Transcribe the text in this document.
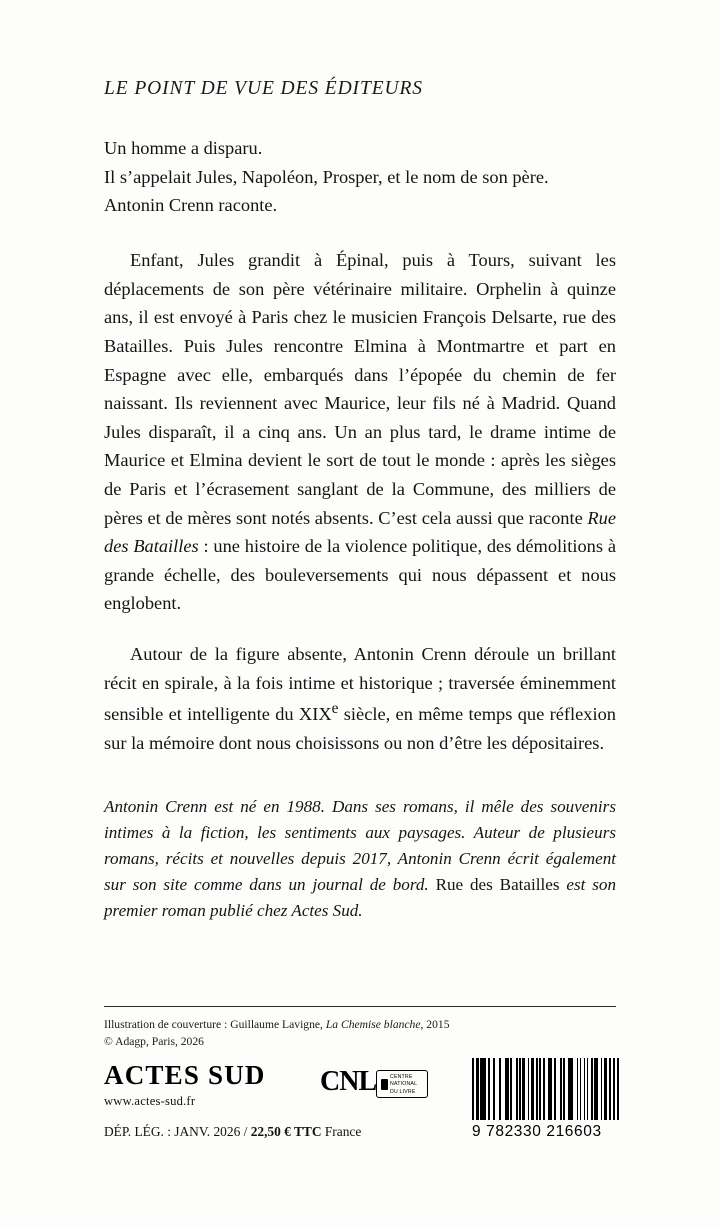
LE POINT DE VUE DES ÉDITEURS
Un homme a disparu.
Il s’appelait Jules, Napoléon, Prosper, et le nom de son père.
Antonin Crenn raconte.

Enfant, Jules grandit à Épinal, puis à Tours, suivant les déplacements de son père vétérinaire militaire. Orphelin à quinze ans, il est envoyé à Paris chez le musicien François Delsarte, rue des Batailles. Puis Jules rencontre Elmina à Montmartre et part en Espagne avec elle, embarqués dans l’épopée du chemin de fer naissant. Ils reviennent avec Maurice, leur fils né à Madrid. Quand Jules disparaît, il a cinq ans. Un an plus tard, le drame intime de Maurice et Elmina devient le sort de tout le monde : après les sièges de Paris et l’écrasement sanglant de la Commune, des milliers de pères et de mères sont notés absents. C’est cela aussi que raconte Rue des Batailles : une histoire de la violence politique, des démolitions à grande échelle, des bouleversements qui nous dépassent et nous englobent.

Autour de la figure absente, Antonin Crenn déroule un brillant récit en spirale, à la fois intime et historique ; traversée éminemment sensible et intelligente du XIXe siècle, en même temps que réflexion sur la mémoire dont nous choisissons ou non d’être les dépositaires.

Antonin Crenn est né en 1988. Dans ses romans, il mêle des souvenirs intimes à la fiction, les sentiments aux paysages. Auteur de plusieurs romans, récits et nouvelles depuis 2017, Antonin Crenn écrit également sur son site comme dans un journal de bord. Rue des Batailles est son premier roman publié chez Actes Sud.
Illustration de couverture : Guillaume Lavigne, La Chemise blanche, 2015
© Adagp, Paris, 2026
ACTES SUD
www.actes-sud.fr
DÉP. LÉG. : JANV. 2026 / 22,50 € TTC France
CNL	CENTRE
NATIONAL
DU LIVRE
9 782330 216603
